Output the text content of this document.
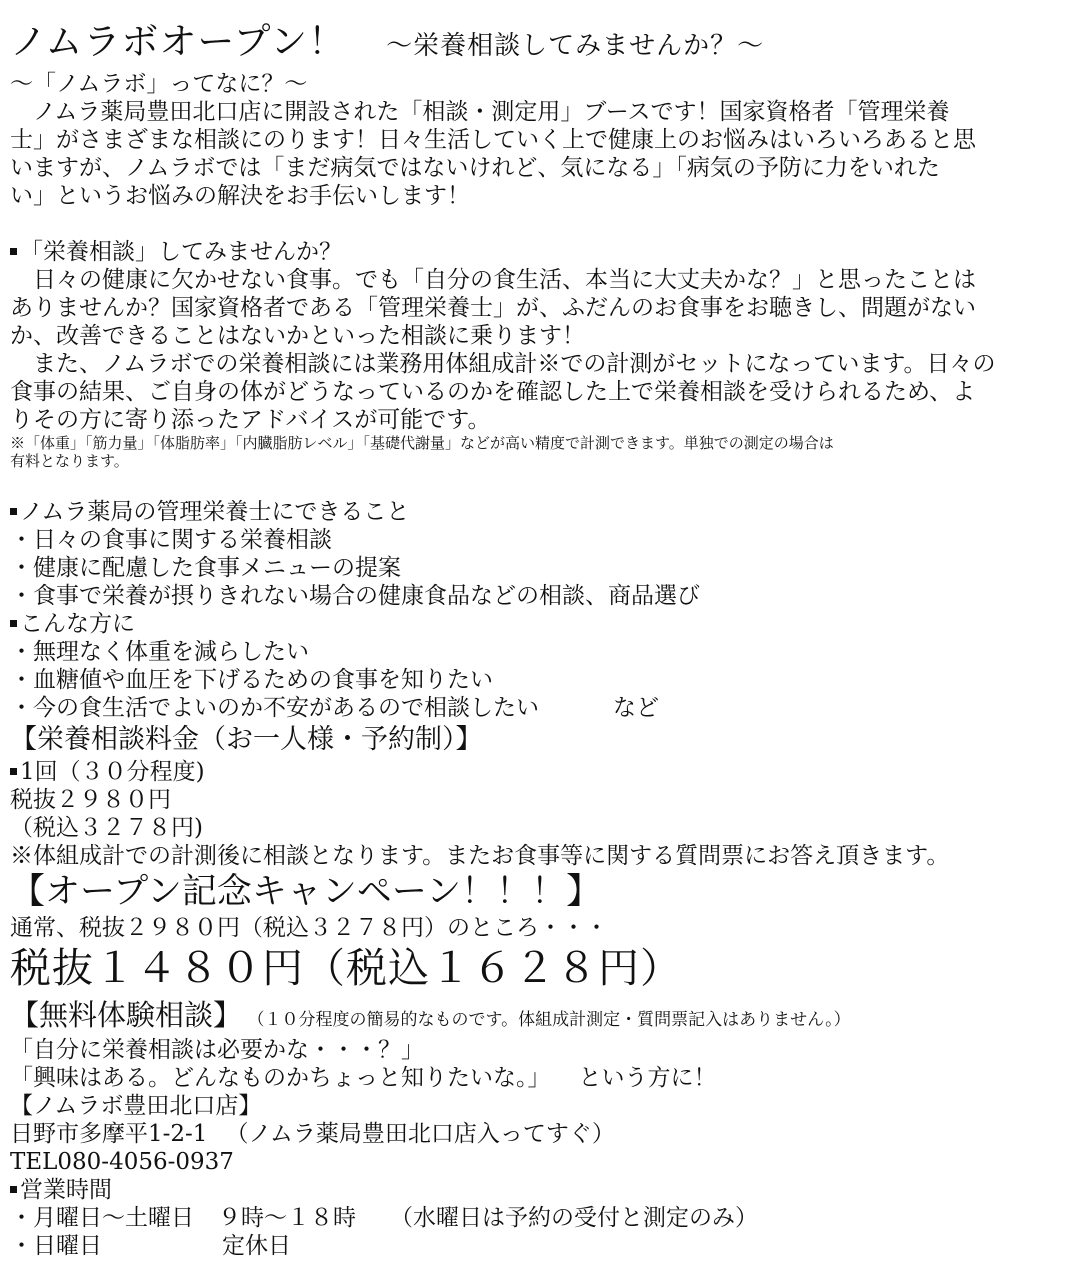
ノムラボオープン！ ～栄養相談してみませんか？～
～「ノムラボ」ってなに？～
　ノムラ薬局豊田北口店に開設された「相談・測定用」ブースです！国家資格者「管理栄養
士」がさまざまな相談にのります！日々生活していく上で健康上のお悩みはいろいろあると思
いますが、ノムラボでは「まだ病気ではないけれど、気になる」「病気の予防に力をいれた
い」というお悩みの解決をお手伝いします！
「栄養相談」してみませんか？
　日々の健康に欠かせない食事。でも「自分の食生活、本当に大丈夫かな？」と思ったことは
ありませんか？国家資格者である「管理栄養士」が、ふだんのお食事をお聴きし、問題がない
か、改善できることはないかといった相談に乗ります！
　また、ノムラボでの栄養相談には業務用体組成計※での計測がセットになっています。日々の
食事の結果、ご自身の体がどうなっているのかを確認した上で栄養相談を受けられるため、よ
りその方に寄り添ったアドバイスが可能です。
※「体重」「筋力量」「体脂肪率」「内臓脂肪レベル」「基礎代謝量」などが高い精度で計測できます。単独での測定の場合は
有料となります。
ノムラ薬局の管理栄養士にできること
・日々の食事に関する栄養相談
・健康に配慮した食事メニューの提案
・食事で栄養が摂りきれない場合の健康食品などの相談、商品選び
こんな方に
・無理なく体重を減らしたい
・血糖値や血圧を下げるための食事を知りたい
・今の食生活でよいのか不安があるので相談したい	など
【栄養相談料金（お一人様・予約制）】
1回（３０分程度)
税抜２９８０円
（税込３２７８円)
※体組成計での計測後に相談となります。またお食事等に関する質問票にお答え頂きます。
【オープン記念キャンペーン！！！】
通常、税抜２９８０円（税込３２７８円）のところ・・・
税抜１４８０円（税込１６２８円）
【無料体験相談】 （１０分程度の簡易的なものです。体組成計測定・質問票記入はありません。）
「自分に栄養相談は必要かな・・・？」
「興味はある。どんなものかちょっと知りたいな。」 という方に！
【ノムラボ豊田北口店】
日野市多摩平1-2-1 （ノムラ薬局豊田北口店入ってすぐ）
TEL080-4056-0937
営業時間
・月曜日～土曜日 ９時～１８時 （水曜日は予約の受付と測定のみ）
・日曜日	定休日
